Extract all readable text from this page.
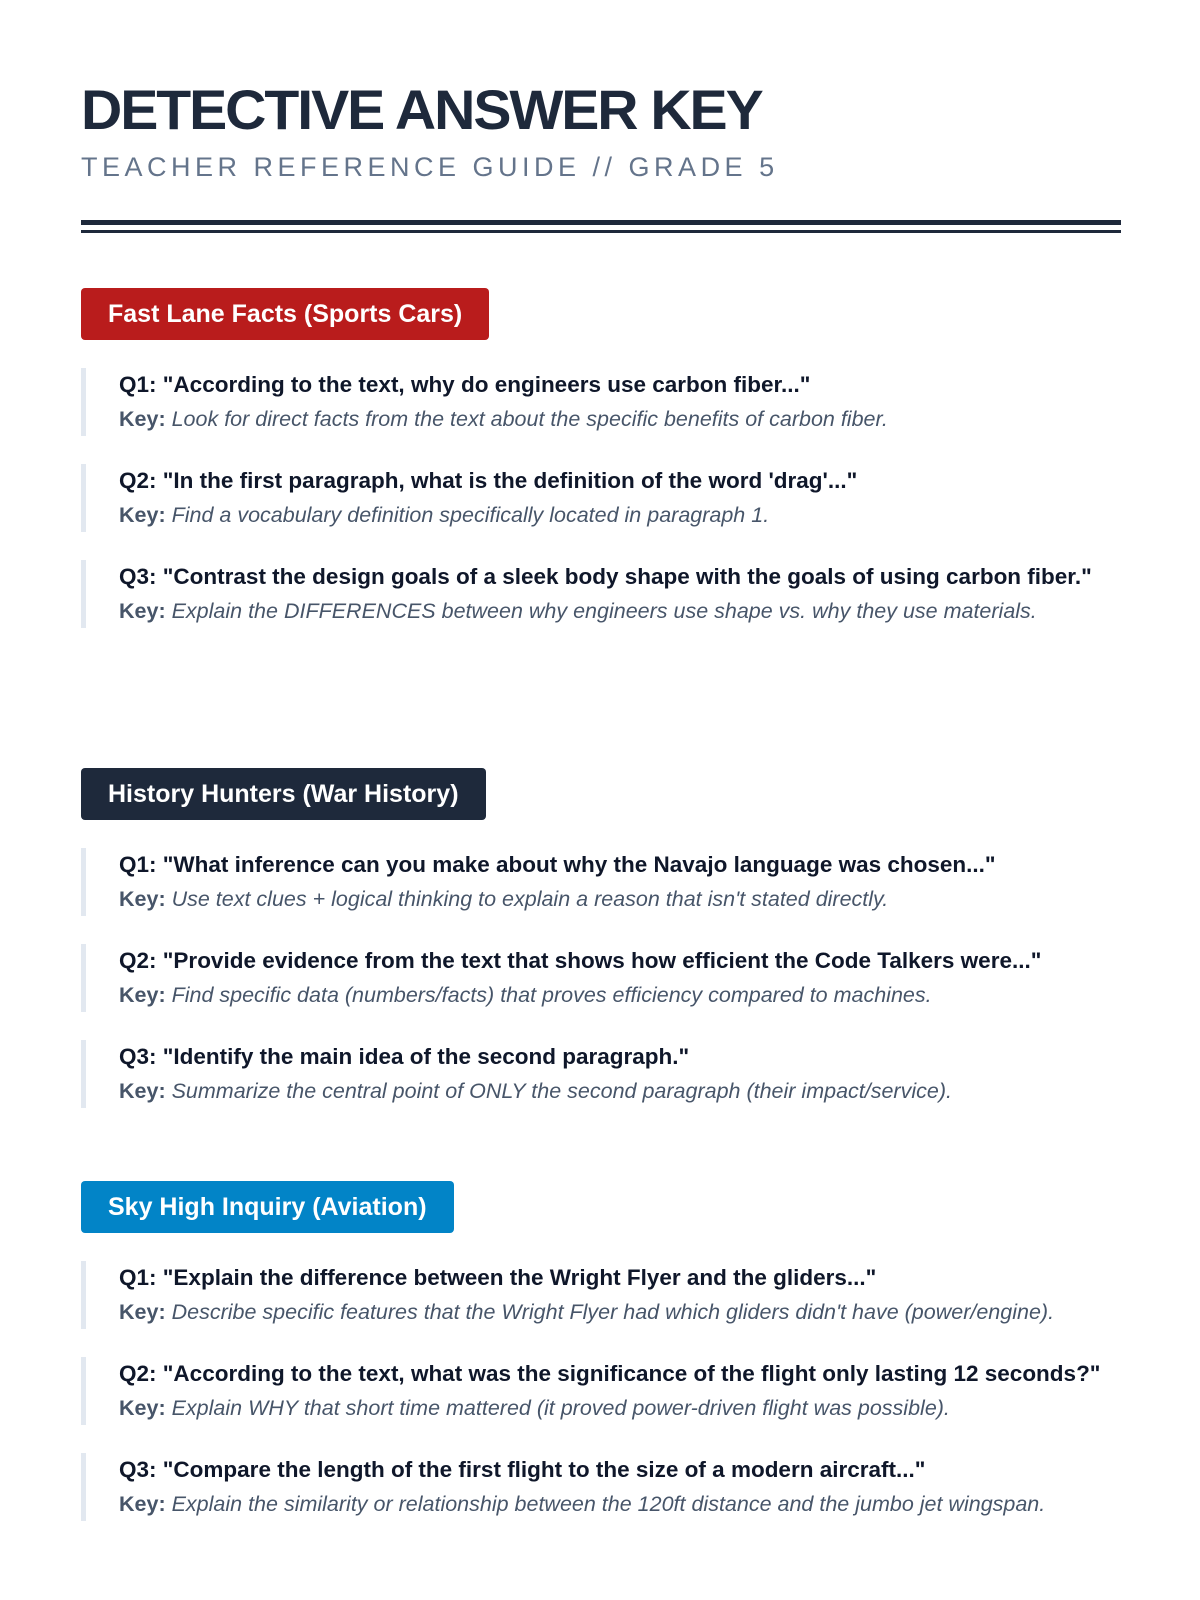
DETECTIVE ANSWER KEY
TEACHER REFERENCE GUIDE // GRADE 5
Fast Lane Facts (Sports Cars)
Q1: "According to the text, why do engineers use carbon fiber..."
Key: Look for direct facts from the text about the specific benefits of carbon fiber.
Q2: "In the first paragraph, what is the definition of the word 'drag'..."
Key: Find a vocabulary definition specifically located in paragraph 1.
Q3: "Contrast the design goals of a sleek body shape with the goals of using carbon fiber."
Key: Explain the DIFFERENCES between why engineers use shape vs. why they use materials.
History Hunters (War History)
Q1: "What inference can you make about why the Navajo language was chosen..."
Key: Use text clues + logical thinking to explain a reason that isn't stated directly.
Q2: "Provide evidence from the text that shows how efficient the Code Talkers were..."
Key: Find specific data (numbers/facts) that proves efficiency compared to machines.
Q3: "Identify the main idea of the second paragraph."
Key: Summarize the central point of ONLY the second paragraph (their impact/service).
Sky High Inquiry (Aviation)
Q1: "Explain the difference between the Wright Flyer and the gliders..."
Key: Describe specific features that the Wright Flyer had which gliders didn't have (power/engine).
Q2: "According to the text, what was the significance of the flight only lasting 12 seconds?"
Key: Explain WHY that short time mattered (it proved power-driven flight was possible).
Q3: "Compare the length of the first flight to the size of a modern aircraft..."
Key: Explain the similarity or relationship between the 120ft distance and the jumbo jet wingspan.
